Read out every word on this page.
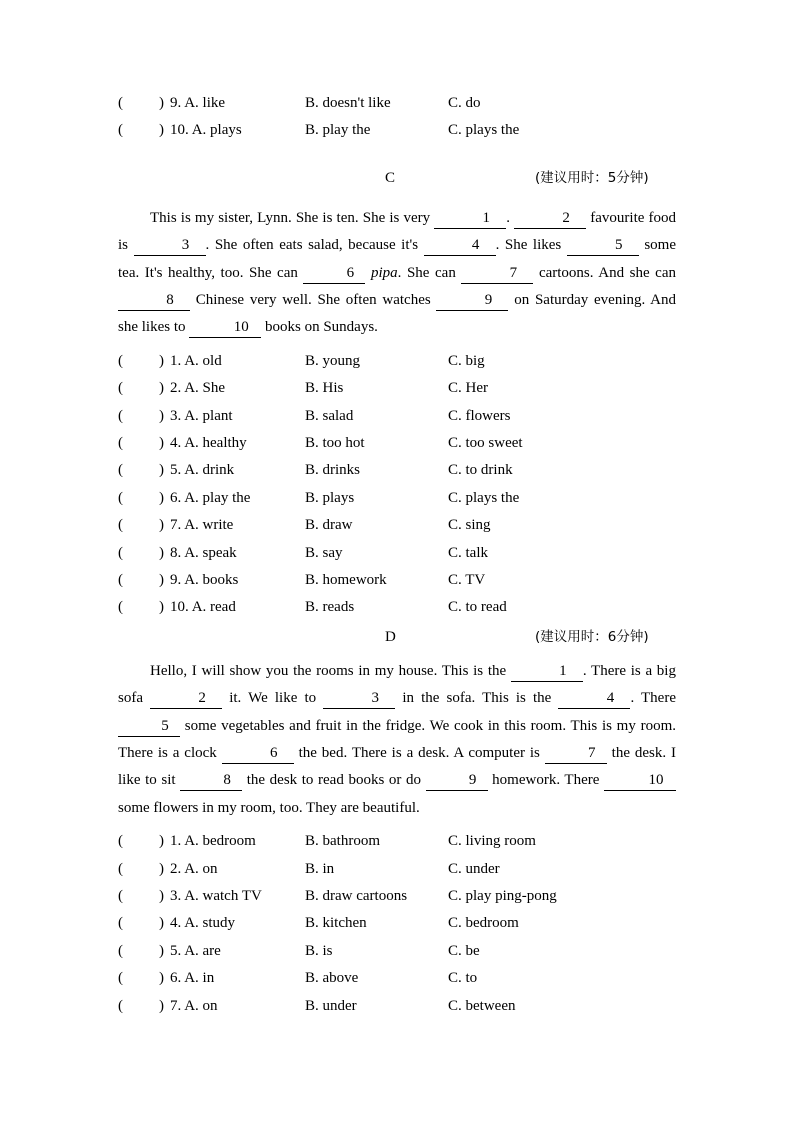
( ) 9. A. like	B. doesn't like	C. do
( ) 10. A. plays	B. play the	C. plays the
C	(建议用时：5分钟)

This is my sister, Lynn. She is ten. She is very	1 .	2 favourite food is	3 . She often eats salad, because it's	4 . She likes	5 some tea. It's healthy, too. She can	6 pipa. She can	7 cartoons. And she can 8 Chinese very well. She often watches	9 on Saturday evening. And she likes to	10 books on Sundays.

( ) 1. A. old	B. young	C. big
( ) 2. A. She	B. His	C. Her
( ) 3. A. plant	B. salad	C. flowers
( ) 4. A. healthy	B. too hot	C. too sweet
( ) 5. A. drink	B. drinks	C. to drink
( ) 6. A. play the	B. plays	C. plays the
( ) 7. A. write	B. draw	C. sing
( ) 8. A. speak	B. say	C. talk
( ) 9. A. books	B. homework	C. TV
( ) 10. A. read	B. reads	C. to read
D	(建议用时：6分钟)

Hello, I will show you the rooms in my house. This is the	1 . There is a big sofa	2 it. We like to	3 in the sofa. This is the	4 . There 5 some vegetables and fruit in the fridge. We cook in this room. This is my room. There is a clock	6 the bed. There is a desk. A computer is	7 the desk. I like to sit	8 the desk to read books or do	9 homework. There	10 some flowers in my room, too. They are beautiful.

( ) 1. A. bedroom	B. bathroom	C. living room
( ) 2. A. on	B. in	C. under
( ) 3. A. watch TV	B. draw cartoons	C. play ping-pong
( ) 4. A. study	B. kitchen	C. bedroom
( ) 5. A. are	B. is	C. be
( ) 6. A. in	B. above	C. to
( ) 7. A. on	B. under	C. between
